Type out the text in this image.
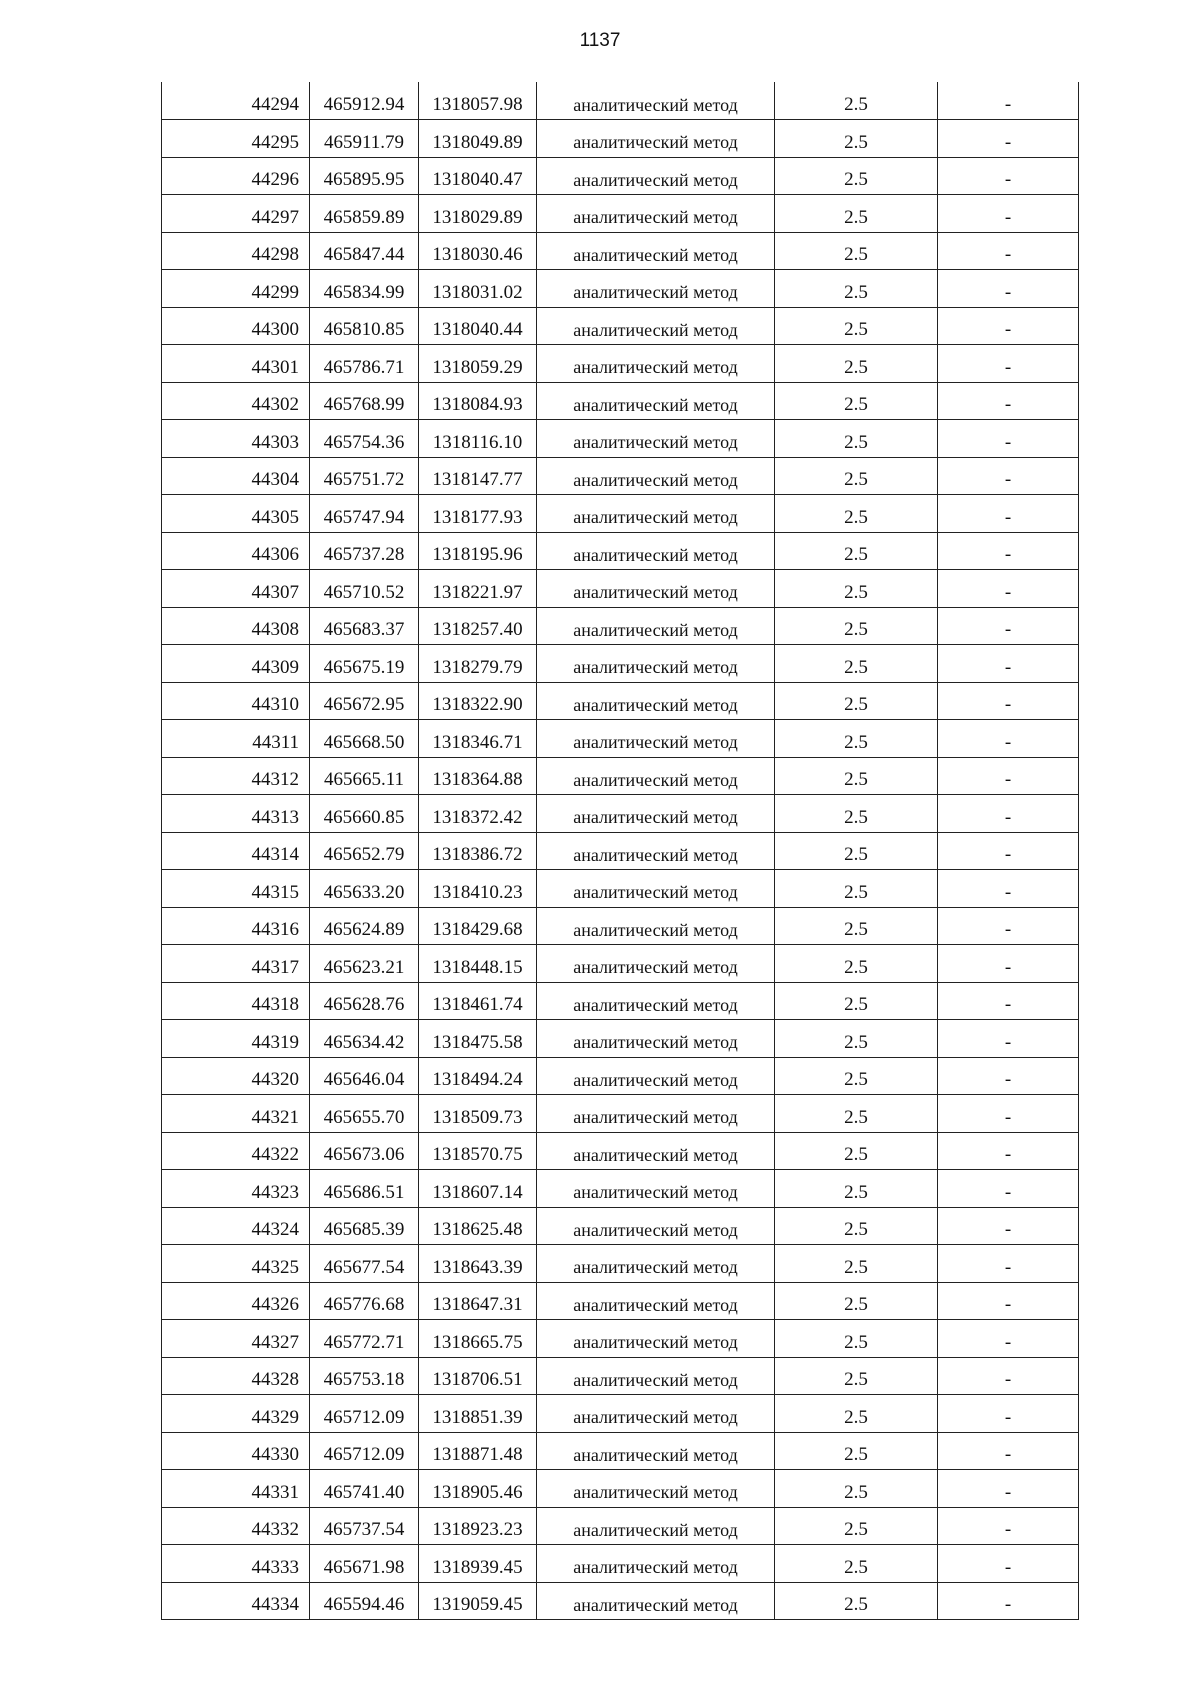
1137
44294	465912.94	1318057.98	аналитический метод	2.5	-
44295	465911.79	1318049.89	аналитический метод	2.5	-
44296	465895.95	1318040.47	аналитический метод	2.5	-
44297	465859.89	1318029.89	аналитический метод	2.5	-
44298	465847.44	1318030.46	аналитический метод	2.5	-
44299	465834.99	1318031.02	аналитический метод	2.5	-
44300	465810.85	1318040.44	аналитический метод	2.5	-
44301	465786.71	1318059.29	аналитический метод	2.5	-
44302	465768.99	1318084.93	аналитический метод	2.5	-
44303	465754.36	1318116.10	аналитический метод	2.5	-
44304	465751.72	1318147.77	аналитический метод	2.5	-
44305	465747.94	1318177.93	аналитический метод	2.5	-
44306	465737.28	1318195.96	аналитический метод	2.5	-
44307	465710.52	1318221.97	аналитический метод	2.5	-
44308	465683.37	1318257.40	аналитический метод	2.5	-
44309	465675.19	1318279.79	аналитический метод	2.5	-
44310	465672.95	1318322.90	аналитический метод	2.5	-
44311	465668.50	1318346.71	аналитический метод	2.5	-
44312	465665.11	1318364.88	аналитический метод	2.5	-
44313	465660.85	1318372.42	аналитический метод	2.5	-
44314	465652.79	1318386.72	аналитический метод	2.5	-
44315	465633.20	1318410.23	аналитический метод	2.5	-
44316	465624.89	1318429.68	аналитический метод	2.5	-
44317	465623.21	1318448.15	аналитический метод	2.5	-
44318	465628.76	1318461.74	аналитический метод	2.5	-
44319	465634.42	1318475.58	аналитический метод	2.5	-
44320	465646.04	1318494.24	аналитический метод	2.5	-
44321	465655.70	1318509.73	аналитический метод	2.5	-
44322	465673.06	1318570.75	аналитический метод	2.5	-
44323	465686.51	1318607.14	аналитический метод	2.5	-
44324	465685.39	1318625.48	аналитический метод	2.5	-
44325	465677.54	1318643.39	аналитический метод	2.5	-
44326	465776.68	1318647.31	аналитический метод	2.5	-
44327	465772.71	1318665.75	аналитический метод	2.5	-
44328	465753.18	1318706.51	аналитический метод	2.5	-
44329	465712.09	1318851.39	аналитический метод	2.5	-
44330	465712.09	1318871.48	аналитический метод	2.5	-
44331	465741.40	1318905.46	аналитический метод	2.5	-
44332	465737.54	1318923.23	аналитический метод	2.5	-
44333	465671.98	1318939.45	аналитический метод	2.5	-
44334	465594.46	1319059.45	аналитический метод	2.5	-
